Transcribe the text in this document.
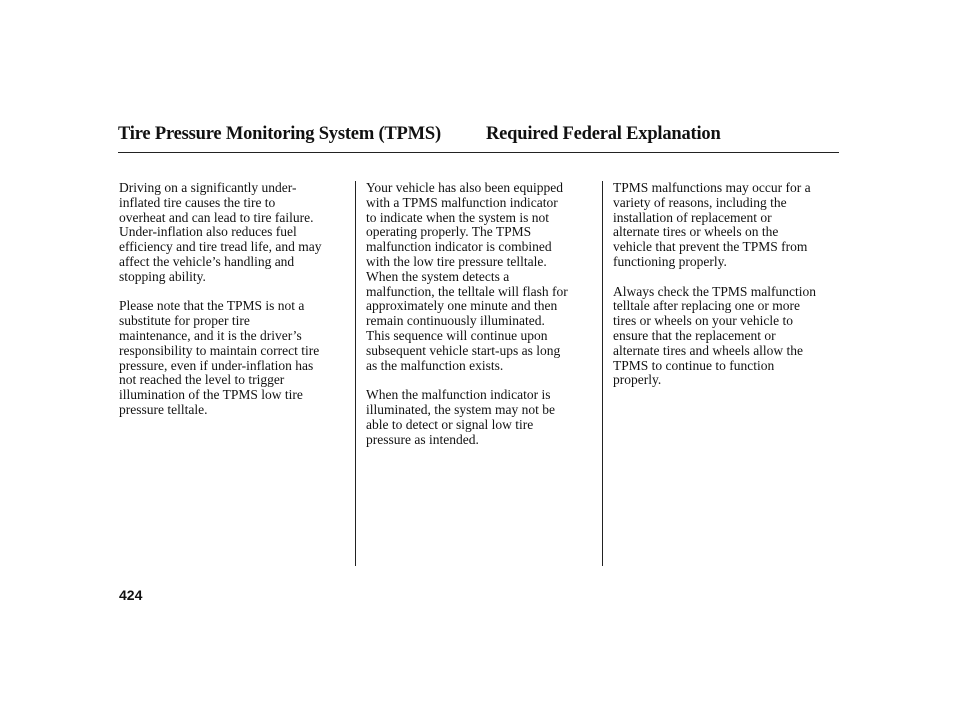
Tire Pressure Monitoring System (TPMS) Required Federal Explanation

Driving on a significantly under-
inflated tire causes the tire to
overheat and can lead to tire failure.
Under-inflation also reduces fuel
efficiency and tire tread life, and may
affect the vehicle’s handling and
stopping ability.

Please note that the TPMS is not a
substitute for proper tire
maintenance, and it is the driver’s
responsibility to maintain correct tire
pressure, even if under-inflation has
not reached the level to trigger
illumination of the TPMS low tire
pressure telltale.

Your vehicle has also been equipped
with a TPMS malfunction indicator
to indicate when the system is not
operating properly. The TPMS
malfunction indicator is combined
with the low tire pressure telltale.
When the system detects a
malfunction, the telltale will flash for
approximately one minute and then
remain continuously illuminated.
This sequence will continue upon
subsequent vehicle start-ups as long
as the malfunction exists.

When the malfunction indicator is
illuminated, the system may not be
able to detect or signal low tire
pressure as intended.

TPMS malfunctions may occur for a
variety of reasons, including the
installation of replacement or
alternate tires or wheels on the
vehicle that prevent the TPMS from
functioning properly.

Always check the TPMS malfunction
telltale after replacing one or more
tires or wheels on your vehicle to
ensure that the replacement or
alternate tires and wheels allow the
TPMS to continue to function
properly.

424
